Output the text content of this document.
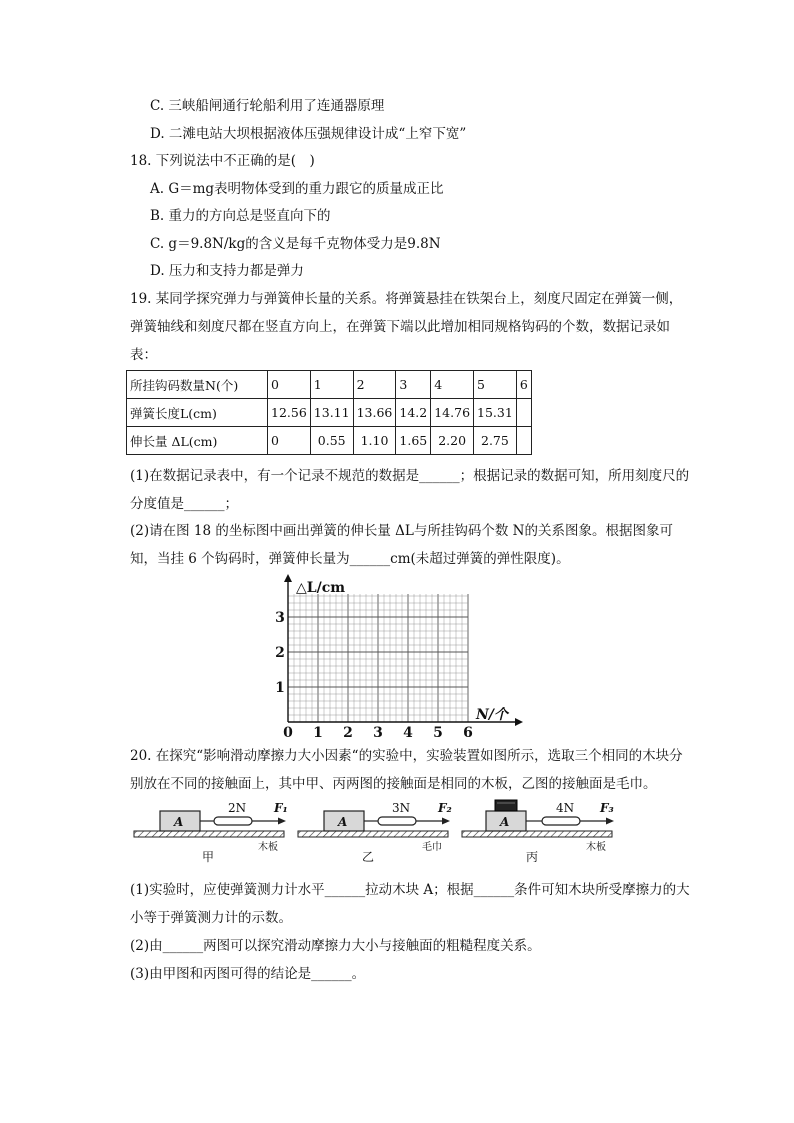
C. 三峡船闸通行轮船利用了连通器原理
D. 二滩电站大坝根据液体压强规律设计成“上窄下宽”
18. 下列说法中不正确的是(　)
A. G＝mg表明物体受到的重力跟它的质量成正比
B. 重力的方向总是竖直向下的
C. g＝9.8N/kg的含义是每千克物体受力是9.8N
D. 压力和支持力都是弹力
19. 某同学探究弹力与弹簧伸长量的关系。将弹簧悬挂在铁架台上，刻度尺固定在弹簧一侧，弹簧轴线和刻度尺都在竖直方向上，在弹簧下端以此增加相同规格钩码的个数，数据记录如表：
所挂钩码数量N(个)	0	1	2	3	4	5	6
弹簧长度L(cm)	12.56	13.11	13.66	14.2	14.76	15.31	
伸长量 ΔL(cm)	0	0.55	1.10	1.65	2.20	2.75	
(1)在数据记录表中，有一个记录不规范的数据是______；根据记录的数据可知，所用刻度尺的分度值是______；
(2)请在图 18 的坐标图中画出弹簧的伸长量 ΔL与所挂钩码个数 N的关系图象。根据图象可知，当挂 6 个钩码时，弹簧伸长量为______cm(未超过弹簧的弹性限度)。
△L/cm
N/个
1
2
3
0 1 2 3 4 5 6
20. 在探究“影响滑动摩擦力大小因素“的实验中，实验装置如图所示，选取三个相同的木块分别放在不同的接触面上，其中甲、丙两图的接触面是相同的木板，乙图的接触面是毛巾。
A
2N F₁
木板
甲
A
3N F₂
毛巾
乙
A
4N F₃
木板
丙
(1)实验时，应使弹簧测力计水平______拉动木块 A；根据______条件可知木块所受摩擦力的大小等于弹簧测力计的示数。
(2)由______两图可以探究滑动摩擦力大小与接触面的粗糙程度关系。
(3)由甲图和丙图可得的结论是______。
